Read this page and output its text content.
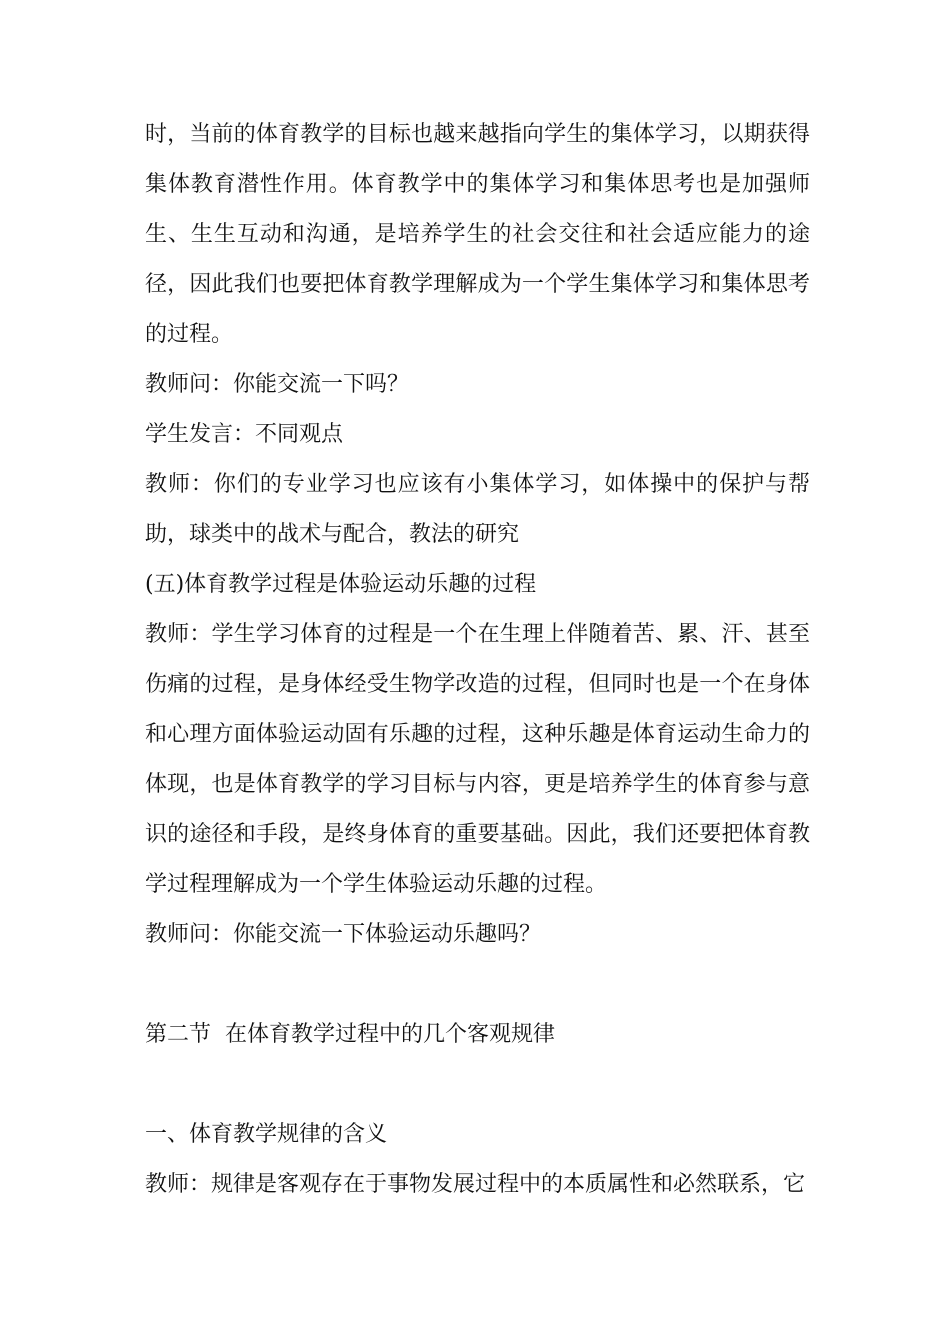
时，当前的体育教学的目标也越来越指向学生的集体学习，以期获得集体教育潜性作用。体育教学中的集体学习和集体思考也是加强师生、生生互动和沟通，是培养学生的社会交往和社会适应能力的途径，因此我们也要把体育教学理解成为一个学生集体学习和集体思考的过程。

教师问：你能交流一下吗？

学生发言：不同观点

教师：你们的专业学习也应该有小集体学习，如体操中的保护与帮助，球类中的战术与配合，教法的研究

(五)体育教学过程是体验运动乐趣的过程

教师：学生学习体育的过程是一个在生理上伴随着苦、累、汗、甚至伤痛的过程，是身体经受生物学改造的过程，但同时也是一个在身体和心理方面体验运动固有乐趣的过程，这种乐趣是体育运动生命力的体现，也是体育教学的学习目标与内容，更是培养学生的体育参与意识的途径和手段，是终身体育的重要基础。因此，我们还要把体育教学过程理解成为一个学生体验运动乐趣的过程。

教师问：你能交流一下体验运动乐趣吗？

第二节  在体育教学过程中的几个客观规律

一、体育教学规律的含义

教师：规律是客观存在于事物发展过程中的本质属性和必然联系，它
